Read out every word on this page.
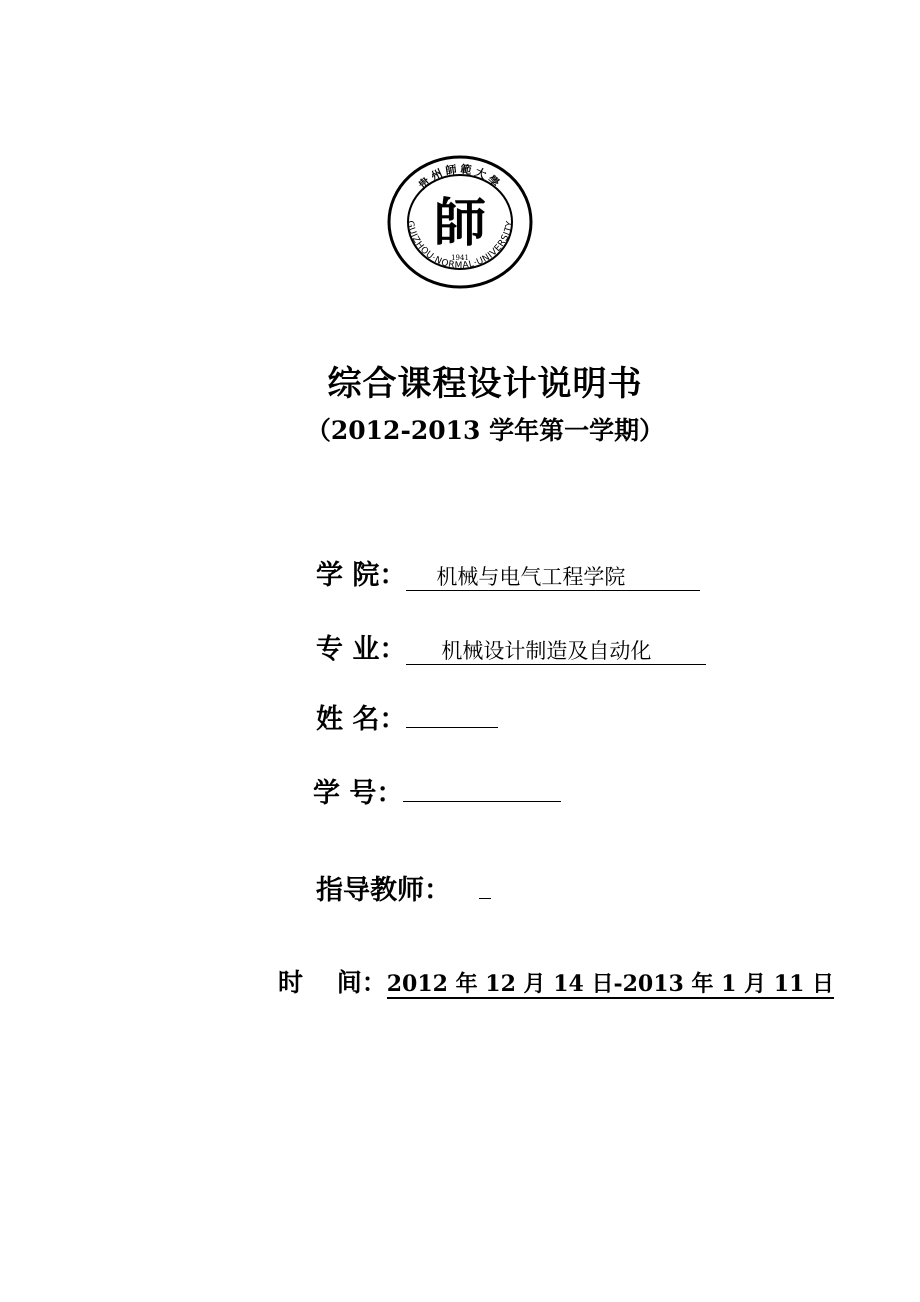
贵州師範大學
GUIZHOU·NORMAL·UNIVERSITY
師
1941
综合课程设计说明书
（2012-2013 学年第一学期）
学 院： 机械与电气工程学院
专 业： 机械设计制造及自动化
姓 名：
学 号：
指导教师：
时　 间：2012 年 12 月 14 日-2013 年 1 月 11 日
